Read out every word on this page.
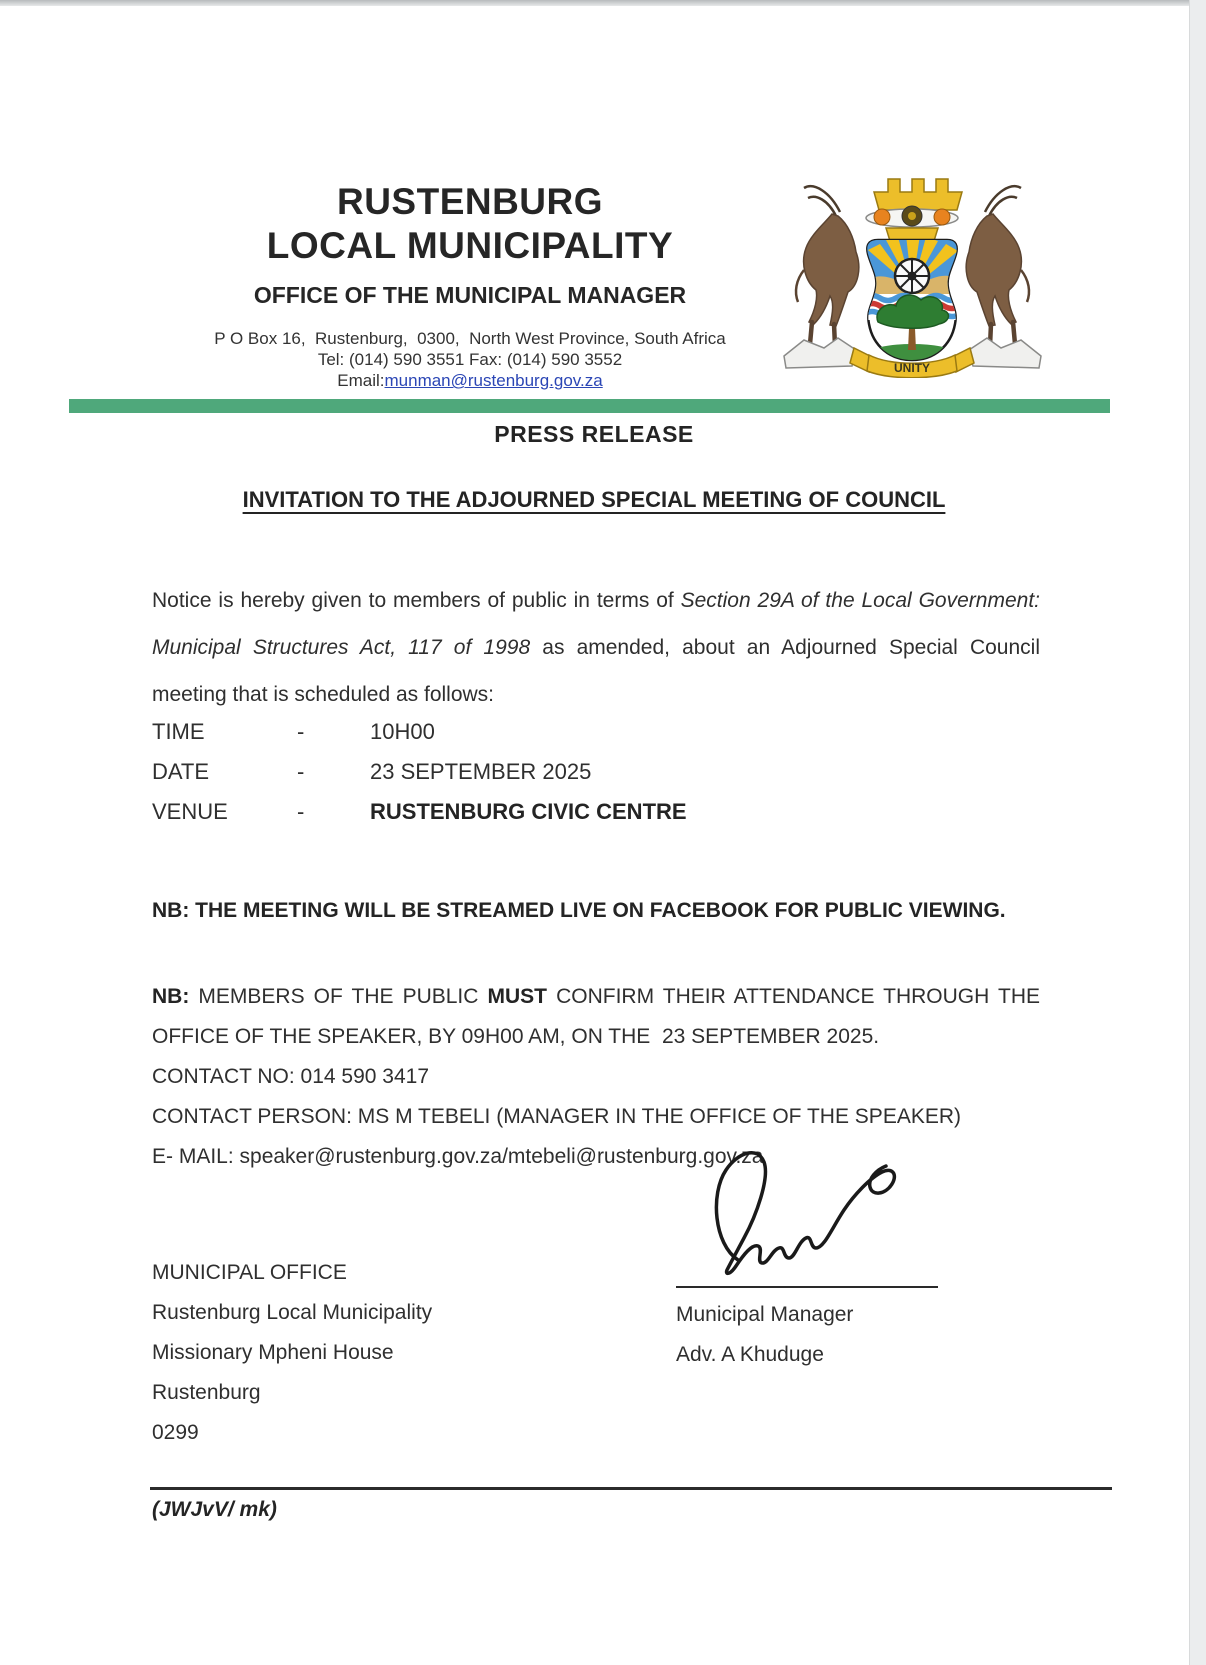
RUSTENBURG
LOCAL MUNICIPALITY
OFFICE OF THE MUNICIPAL MANAGER
P O Box 16,  Rustenburg,  0300,  North West Province, South Africa
Tel: (014) 590 3551 Fax: (014) 590 3552 Email:munman@rustenburg.gov.za
UNITY
PRESS RELEASE
INVITATION TO THE ADJOURNED SPECIAL MEETING OF COUNCIL

Notice is hereby given to members of public in terms of Section 29A of the Local Government: Municipal Structures Act, 117 of 1998 as amended, about an Adjourned Special Council meeting that is scheduled as follows:

TIME	-	10H00
DATE	-	23 SEPTEMBER 2025
VENUE	-	RUSTENBURG CIVIC CENTRE
NB: THE MEETING WILL BE STREAMED LIVE ON FACEBOOK FOR PUBLIC VIEWING.
NB: MEMBERS OF THE PUBLIC MUST CONFIRM THEIR ATTENDANCE THROUGH THE OFFICE OF THE SPEAKER, BY 09H00 AM, ON THE  23 SEPTEMBER 2025.
CONTACT NO: 014 590 3417
CONTACT PERSON: MS M TEBELI (MANAGER IN THE OFFICE OF THE SPEAKER)
E- MAIL: speaker@rustenburg.gov.za/mtebeli@rustenburg.gov.za
MUNICIPAL OFFICE
Rustenburg Local Municipality
Missionary Mpheni House
Rustenburg
0299
Municipal Manager
Adv. A Khuduge
(JWJvV/ mk)
